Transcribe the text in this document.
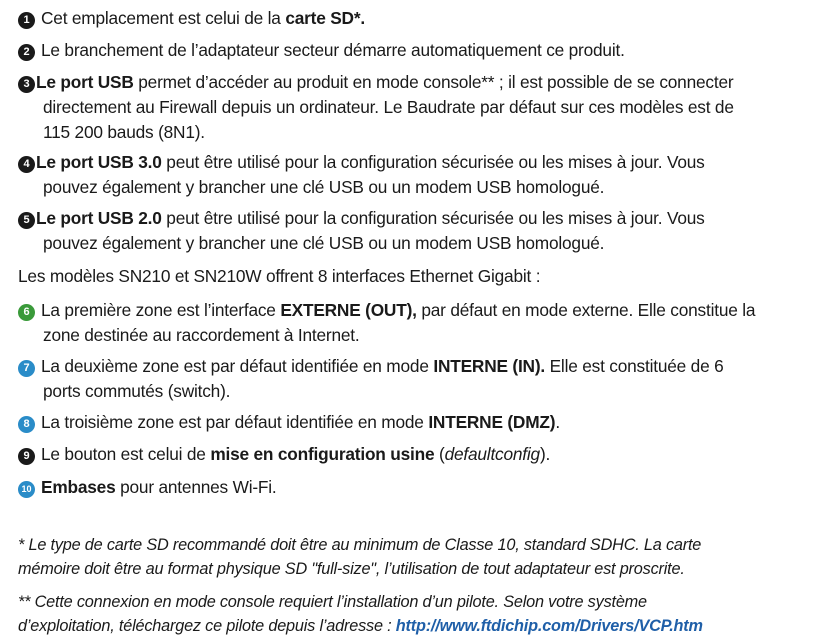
1 Cet emplacement est celui de la carte SD*.
2 Le branchement de l’adaptateur secteur démarre automatiquement ce produit.
3 Le port USB permet d’accéder au produit en mode console** ; il est possible de se connecter
directement au Firewall depuis un ordinateur. Le Baudrate par défaut sur ces modèles est de
115 200 bauds (8N1).
4 Le port USB 3.0 peut être utilisé pour la configuration sécurisée ou les mises à jour. Vous
pouvez également y brancher une clé USB ou un modem USB homologué.
5 Le port USB 2.0 peut être utilisé pour la configuration sécurisée ou les mises à jour. Vous
pouvez également y brancher une clé USB ou un modem USB homologué.
Les modèles SN210 et SN210W offrent 8 interfaces Ethernet Gigabit :
6 La première zone est l’interface EXTERNE (OUT), par défaut en mode externe. Elle constitue la
zone destinée au raccordement à Internet.
7 La deuxième zone est par défaut identifiée en mode INTERNE (IN). Elle est constituée de 6
ports commutés (switch).
8 La troisième zone est par défaut identifiée en mode INTERNE (DMZ).
9 Le bouton est celui de mise en configuration usine (defaultconfig).
10 Embases pour antennes Wi-Fi.
* Le type de carte SD recommandé doit être au minimum de Classe 10, standard SDHC. La carte
mémoire doit être au format physique SD "full-size", l’utilisation de tout adaptateur est proscrite.
** Cette connexion en mode console requiert l’installation d’un pilote. Selon votre système
d’exploitation, téléchargez ce pilote depuis l’adresse : http://www.ftdichip.com/Drivers/VCP.htm
